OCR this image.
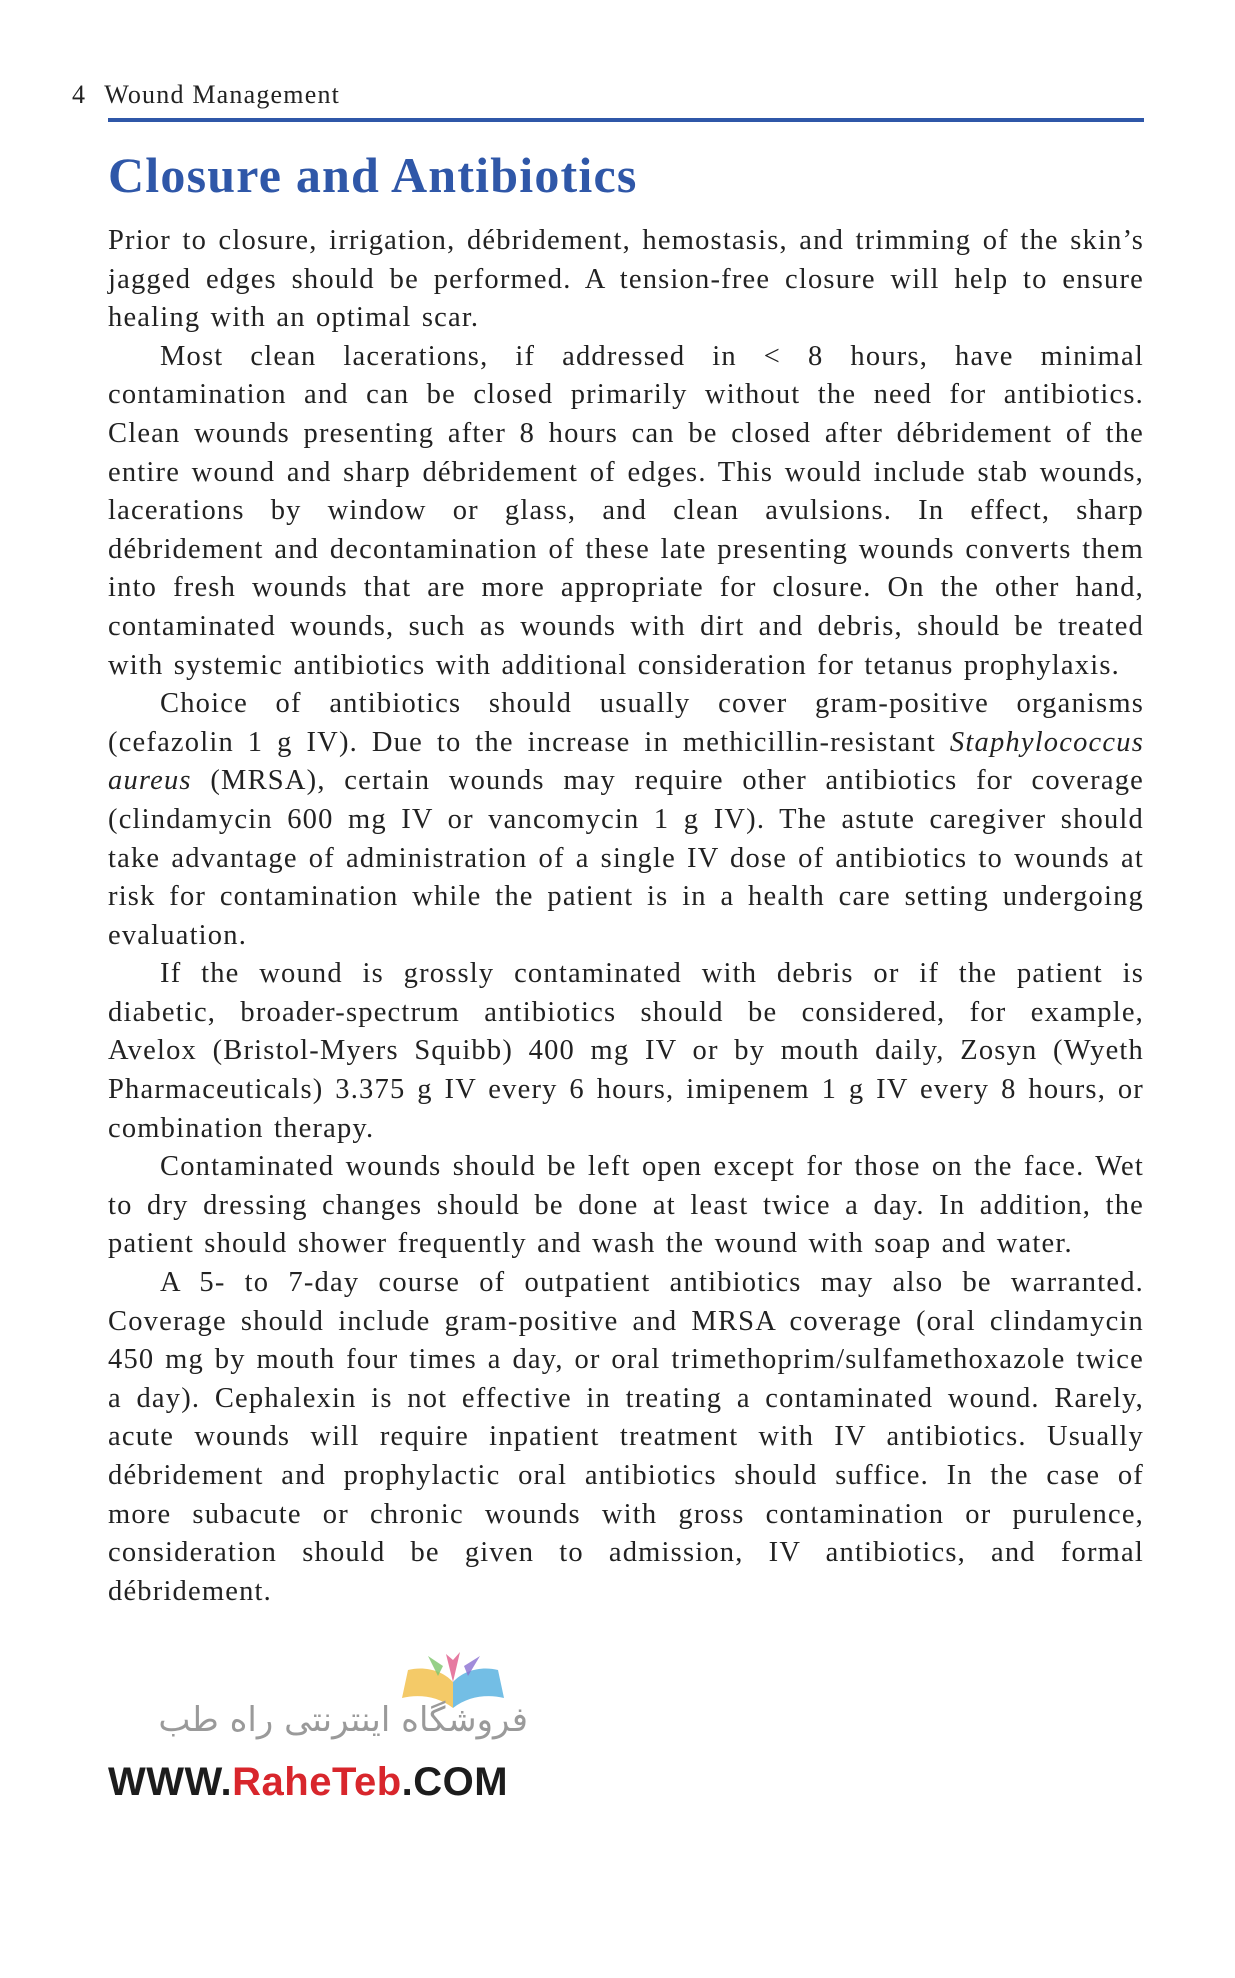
4 Wound Management
Closure and Antibiotics

Prior to closure, irrigation, débridement, hemostasis, and trimming of the skin’s jagged edges should be performed. A tension-free closure will help to ensure healing with an optimal scar.

Most clean lacerations, if addressed in < 8 hours, have minimal contamination and can be closed primarily without the need for antibiotics. Clean wounds presenting after 8 hours can be closed after débridement of the entire wound and sharp débridement of edges. This would include stab wounds, lacerations by window or glass, and clean avulsions. In effect, sharp débridement and decontamination of these late presenting wounds converts them into fresh wounds that are more appropriate for closure. On the other hand, contaminated wounds, such as wounds with dirt and debris, should be treated with systemic antibiotics with additional consideration for tetanus prophylaxis.

Choice of antibiotics should usually cover gram-positive organisms (cefazolin 1 g IV). Due to the increase in methicillin-resistant Staphylococcus aureus (MRSA), certain wounds may require other antibiotics for coverage (clindamycin 600 mg IV or vancomycin 1 g IV). The astute caregiver should take advantage of administration of a single IV dose of antibiotics to wounds at risk for contamination while the patient is in a health care setting undergoing evaluation.

If the wound is grossly contaminated with debris or if the patient is diabetic, broader-spectrum antibiotics should be considered, for example, Avelox (Bristol-Myers Squibb) 400 mg IV or by mouth daily, Zosyn (Wyeth Pharmaceuticals) 3.375 g IV every 6 hours, imipenem 1 g IV every 8 hours, or combination therapy.

Contaminated wounds should be left open except for those on the face. Wet to dry dressing changes should be done at least twice a day. In addition, the patient should shower frequently and wash the wound with soap and water.

A 5- to 7-day course of outpatient antibiotics may also be warranted. Coverage should include gram-positive and MRSA coverage (oral clindamycin 450 mg by mouth four times a day, or oral trimethoprim/sulfamethoxazole twice a day). Cephalexin is not effective in treating a contaminated wound. Rarely, acute wounds will require inpatient treatment with IV antibiotics. Usually débridement and prophylactic oral antibiotics should suffice. In the case of more subacute or chronic wounds with gross contamination or purulence, consideration should be given to admission, IV antibiotics, and formal débridement.

فروشگاه اینترنتی راه طب
WWW.RaheTeb.COM
